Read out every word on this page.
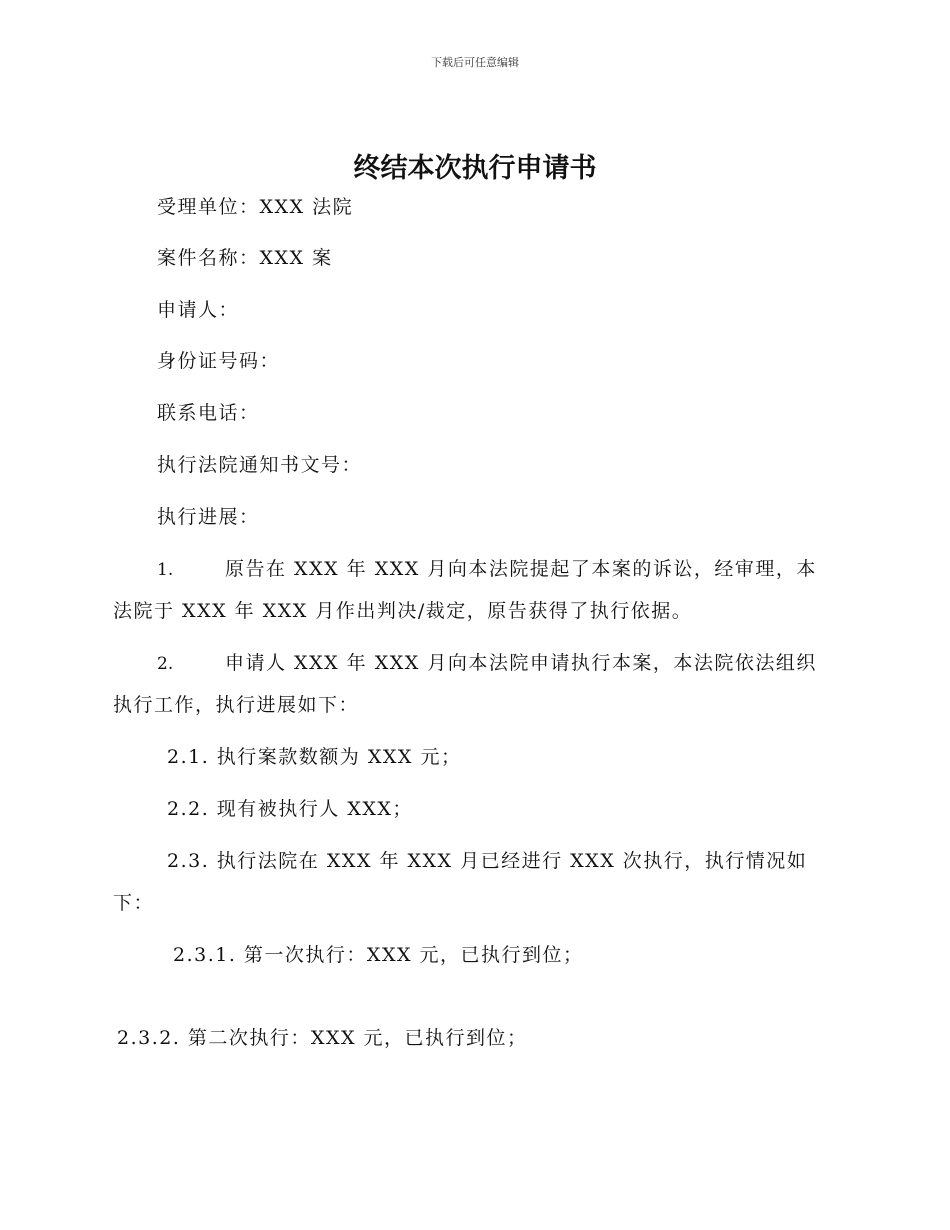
下载后可任意编辑
终结本次执行申请书
受理单位：XXX 法院
案件名称：XXX 案
申请人：
身份证号码：
联系电话：
执行法院通知书文号：
执行进展：
1.	原告在 XXX 年 XXX 月向本法院提起了本案的诉讼，经审理，本
法院于 XXX 年 XXX 月作出判决/裁定，原告获得了执行依据。
2.	申请人 XXX 年 XXX 月向本法院申请执行本案，本法院依法组织
执行工作，执行进展如下：
2.1. 执行案款数额为 XXX 元；
2.2. 现有被执行人 XXX；
2.3. 执行法院在 XXX 年 XXX 月已经进行 XXX 次执行，执行情况如
下：
2.3.1. 第一次执行：XXX 元，已执行到位；
2.3.2. 第二次执行：XXX 元，已执行到位；
